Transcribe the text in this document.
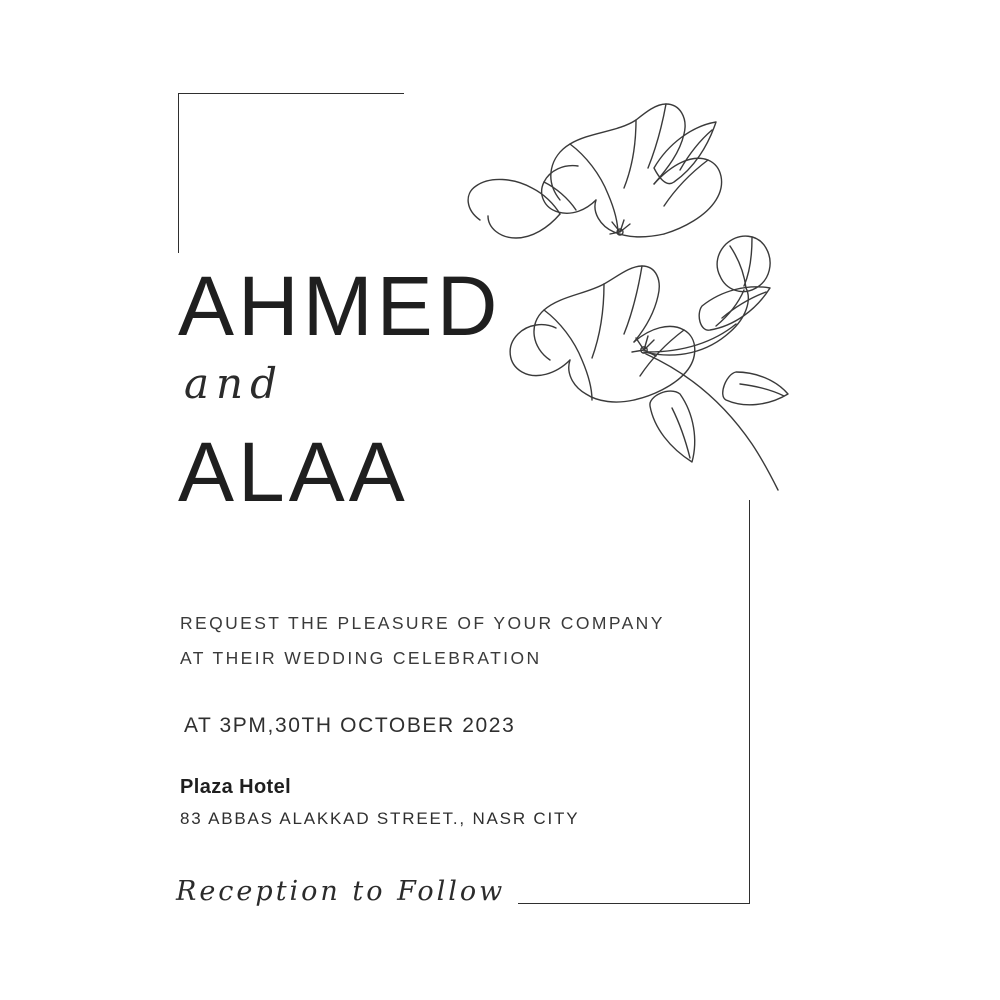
AHMED

and

ALAA

REQUEST THE PLEASURE OF YOUR COMPANY
AT THEIR WEDDING CELEBRATION
AT 3PM,30TH OCTOBER 2023

Plaza Hotel

83 ABBAS ALAKKAD STREET., NASR CITY

Reception to Follow
